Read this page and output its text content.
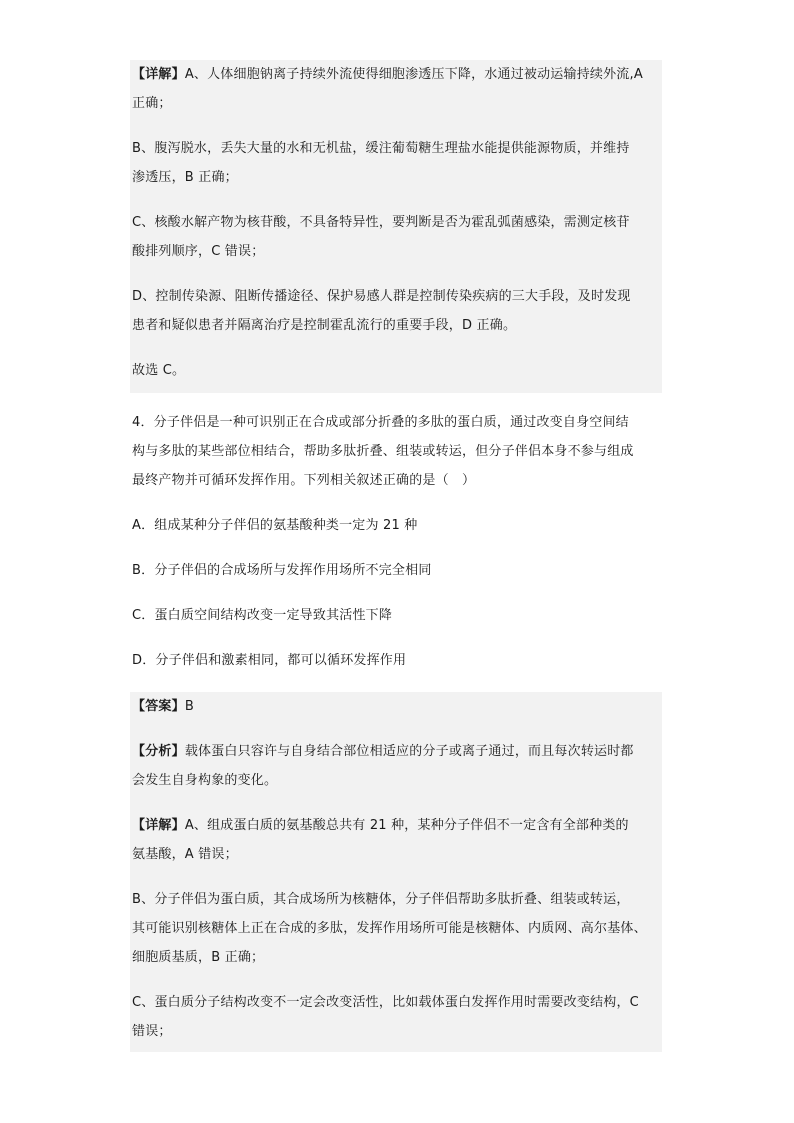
【详解】A、人体细胞钠离子持续外流使得细胞渗透压下降，水通过被动运输持续外流,A
正确；

B、腹泻脱水，丢失大量的水和无机盐，缓注葡萄糖生理盐水能提供能源物质，并维持
渗透压，B 正确；

C、核酸水解产物为核苷酸，不具备特异性，要判断是否为霍乱弧菌感染，需测定核苷
酸排列顺序，C 错误；

D、控制传染源、阻断传播途径、保护易感人群是控制传染疾病的三大手段，及时发现
患者和疑似患者并隔离治疗是控制霍乱流行的重要手段，D 正确。

故选 C。

4．分子伴侣是一种可识别正在合成或部分折叠的多肽的蛋白质，通过改变自身空间结
构与多肽的某些部位相结合，帮助多肽折叠、组装或转运，但分子伴侣本身不参与组成
最终产物并可循环发挥作用。下列相关叙述正确的是（　）

A．组成某种分子伴侣的氨基酸种类一定为 21 种

B．分子伴侣的合成场所与发挥作用场所不完全相同

C．蛋白质空间结构改变一定导致其活性下降

D．分子伴侣和激素相同，都可以循环发挥作用

【答案】B

【分析】载体蛋白只容许与自身结合部位相适应的分子或离子通过，而且每次转运时都
会发生自身构象的变化。

【详解】A、组成蛋白质的氨基酸总共有 21 种，某种分子伴侣不一定含有全部种类的
氨基酸，A 错误；

B、分子伴侣为蛋白质，其合成场所为核糖体，分子伴侣帮助多肽折叠、组装或转运，
其可能识别核糖体上正在合成的多肽，发挥作用场所可能是核糖体、内质网、高尔基体、
细胞质基质，B 正确；

C、蛋白质分子结构改变不一定会改变活性，比如载体蛋白发挥作用时需要改变结构，C
错误；
